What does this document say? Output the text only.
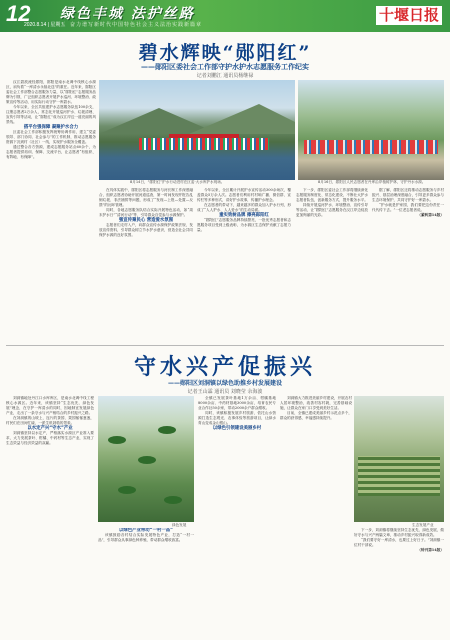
12
2020.8.14 | 星期五
绿色丰城 法护丝路
奋力谱写新时代中国特色社会主义法治实践新篇章
十堰日报
碧水辉映“郧阳红”
——郧阳区委社会工作部守护水护水志愿服务工作纪实
记者刘鹏江 通讯员杨继禄

汉江碧波流经郧阳，郧阳是南水北调中线核心水源区，肩负着“一库清水永续北送”的重任。近年来，郧阳区委社会工作部整合志愿服务力量，以“郧阳红”志愿服务品牌为引领，广泛组织志愿者开展护水巡河、环境整治、政策宣传等活动，用实际行动守护一库碧水。

今年以来，全区共组建护水志愿服务队伍100余支，注册志愿者2万余人，常态化开展巡河护水、垃圾清理、宣传引导等活动，让“郧阳红”成为汉江岸边一道亮丽的风景线。

搭平台强保障 凝聚护水合力

区委社会工作部积极发挥统筹协调作用，建立“党委领导、部门协同、社会参与”的工作机制，推动志愿服务资源下沉到村（社区）一线，实现护水服务全覆盖。

通过整合各方资源，建成志愿服务站点60余个，为志愿者提供培训、保障、交流平台，让志愿者“有组织、有阵地、有保障”。

8月14日，“郧阳红”护水行动进村在区委·大水库护水现场。	8月16日，郧阳区人民志愿者在丹库沿岸植树护林，守护丹水水源。

在具体实践中，郧阳区将志愿服务与河长制工作深度融合，组织志愿者协助开展河道巡查，第一时间发现并报告乱倒垃圾、非法捕捞等问题，形成了“发现—上报—处置—反馈”的闭环管理。

同时，各地志愿服务队结合实际开展特色活动，如“周末护水日”“清河行动”等，引导群众自觉参与水源保护。

强宣传聚民心 营造爱水氛围

志愿者们走村入户，向群众宣传水源保护政策法规，发放宣传资料，引导群众树立节水护水意识，营造全社会共同保护水源的良好氛围。

今年以来，全区累计开展护水宣传活动300余场次，覆盖群众5万余人次。志愿者们利用村村响广播、微信群、宣传栏等多种形式，讲好护水故事，传播护水理念。

在志愿者的带动下，越来越多的群众加入护水行列，形成了“人人护水、人人爱水”的生动局面。

重实效树品牌 擦亮郧阳红

“郧阳红”志愿服务品牌持续擦亮，一批优秀志愿者和志愿服务项目受到上级表彰，为水源区生态保护贡献了志愿力量。

下一步，郧阳区委社会工作部将继续深化志愿服务制度化、常态化建设，不断壮大护水志愿者队伍，创新服务方式，提升服务水平。

持续开展巡河护水、环境整治、宣传引导等活动，让“郧阳红”志愿服务在汉江岸边绽放更加绚丽的光彩。

据了解，郧阳区还将推动志愿服务与乡村振兴、基层治理深度融合，引导更多群众参与生态环境保护，共同守护好一库碧水。

“护水就是护家园，我们要把这份责任一代代传下去。”一位老志愿者说。

（紧转第14版）

守水兴产促振兴
——郧阳区刘洞镇以绿色助推乡村发展建设
记者王山霖 通讯员 刘晓莹 余海波

刘洞镇地处丹江口水库库区，是南水北调中线工程核心水源区。近年来，该镇坚持“生态优先、绿色发展”理念，在守护一库清水的同时，因地制宜发展绿色产业，走出了一条守水与兴产相结合的乡村振兴之路。

在刘洞镇的山坡上，连片的茶园、果园郁郁葱葱，村民们在田间忙碌，一派生机勃勃的景象。

以水定产兴“守水”产业

刘洞镇坚持以水定产，严格落实水源区产业准入要求，大力发展茶叶、柑橘、中药材等生态产业，实现了生态效益与经济效益的双赢。

绿色发展

以绿色产业带动“一村一品”

该镇鼓励各村结合实际发展特色产业，打造“一村一品”，引导群众从事绿色种养殖，带动群众增收致富。

全镇已发展茶叶基地1万余亩、柑橘基地8000余亩、中药材基地3000余亩，培育农民专业合作社50余家，带动2000余户群众增收。

同时，该镇积极发展乡村旅游，依托山水资源打造生态观光、农事体验等旅游项目，让绿水青山变成金山银山。

以绿色引领建设美丽乡村

刘洞镇大力推进美丽乡村建设，开展农村人居环境整治，改善村容村貌，完善基础设施，让群众在家门口享受到美好生活。

目前，全镇已建成美丽乡村示范点多个，群众的获得感、幸福感持续提升。

生态发展产业

下一步，刘洞镇将继续坚持生态优先、绿色发展，做好守水与兴产两篇文章，推动乡村振兴取得新成效。

“我们要守好一库清水，也要过上好日子。”刘洞镇一位村干部说。

（转刊第14版）
